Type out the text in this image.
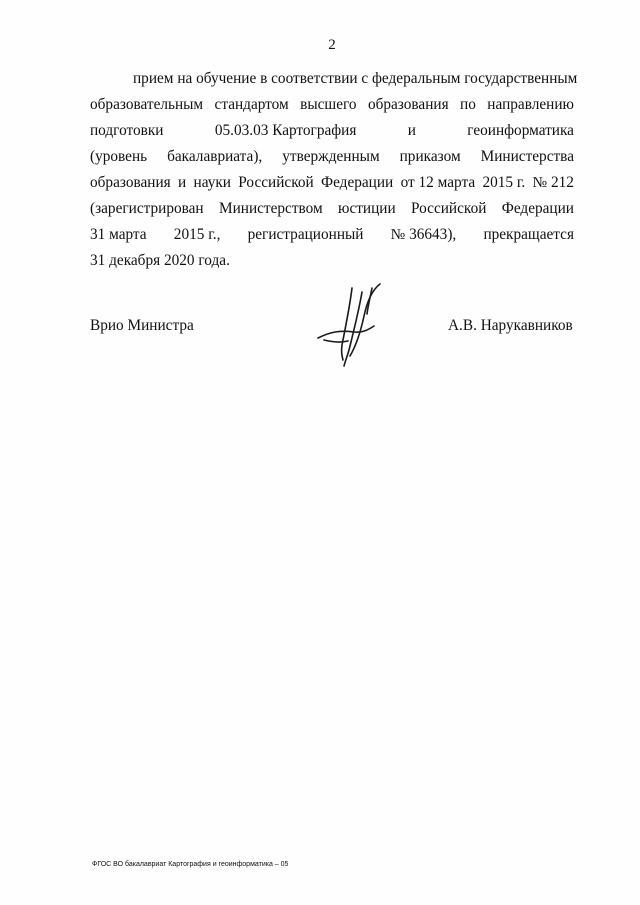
2
прием на обучение в соответствии с федеральным государственным
образовательным стандартом высшего образования по направлению
подготовки	05.03.03 Картография	и	геоинформатика
(уровень бакалавриата), утвержденным приказом Министерства
образования и науки Российской Федерации от 12 марта 2015 г. № 212
(зарегистрирован Министерством юстиции Российской Федерации
31 марта 2015 г., регистрационный № 36643), прекращается
31 декабря 2020 года.
Врио Министра	А.В. Нарукавников
ФГОС ВО бакалавриат Картография и геоинформатика – 05
